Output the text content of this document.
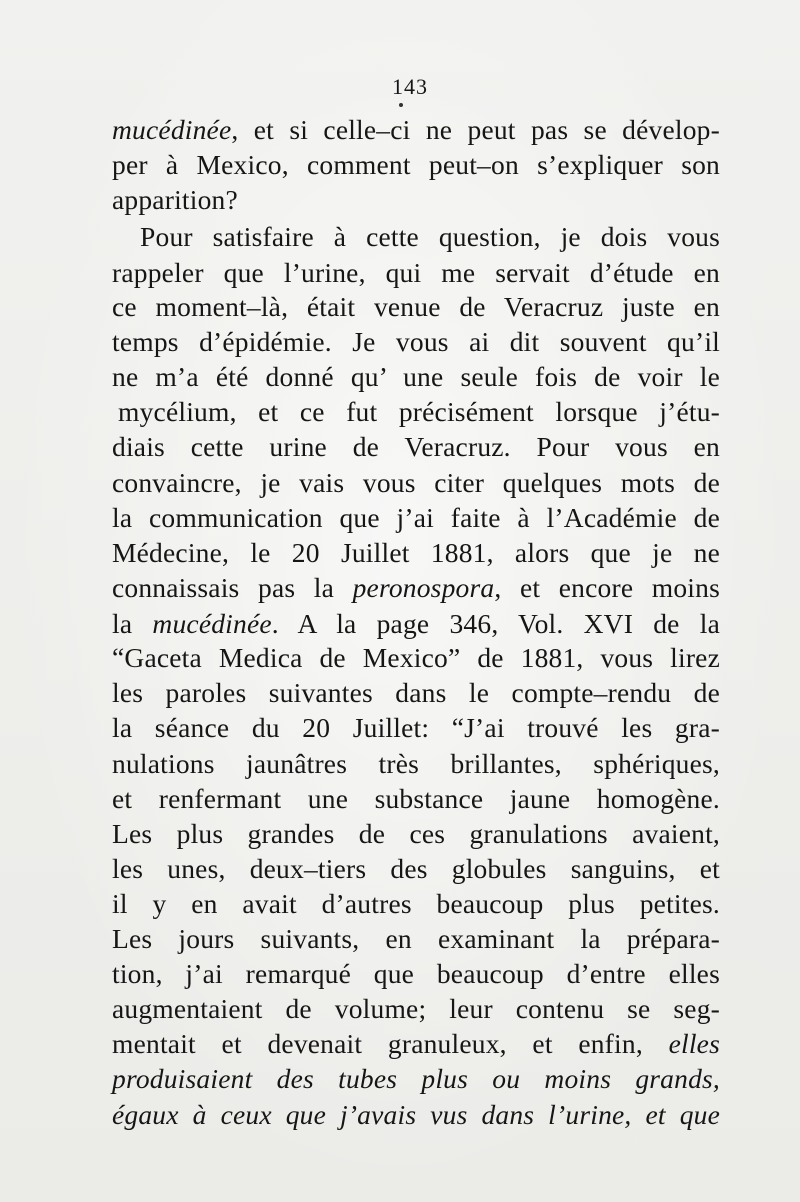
143
mucédinée, et si celle–ci ne peut pas se dévelop-
per à Mexico, comment peut–on s’expliquer son
apparition?
Pour satisfaire à cette question, je dois vous
rappeler que l’urine, qui me servait d’étude en
ce moment–là, était venue de Veracruz juste en
temps d’épidémie. Je vous ai dit souvent qu’il
ne m’a été donné qu’ une seule fois de voir le
mycélium, et ce fut précisément lorsque j’étu-
diais cette urine de Veracruz. Pour vous en
convaincre, je vais vous citer quelques mots de
la communication que j’ai faite à l’Académie de
Médecine, le 20 Juillet 1881, alors que je ne
connaissais pas la peronospora, et encore moins
la mucédinée. A la page 346, Vol. XVI de la
“Gaceta Medica de Mexico” de 1881, vous lirez
les paroles suivantes dans le compte–rendu de
la séance du 20 Juillet: “J’ai trouvé les gra-
nulations jaunâtres très brillantes, sphériques,
et renfermant une substance jaune homogène.
Les plus grandes de ces granulations avaient,
les unes, deux–tiers des globules sanguins, et
il y en avait d’autres beaucoup plus petites.
Les jours suivants, en examinant la prépara-
tion, j’ai remarqué que beaucoup d’entre elles
augmentaient de volume; leur contenu se seg-
mentait et devenait granuleux, et enfin, elles
produisaient des tubes plus ou moins grands,
égaux à ceux que j’avais vus dans l’urine, et que
